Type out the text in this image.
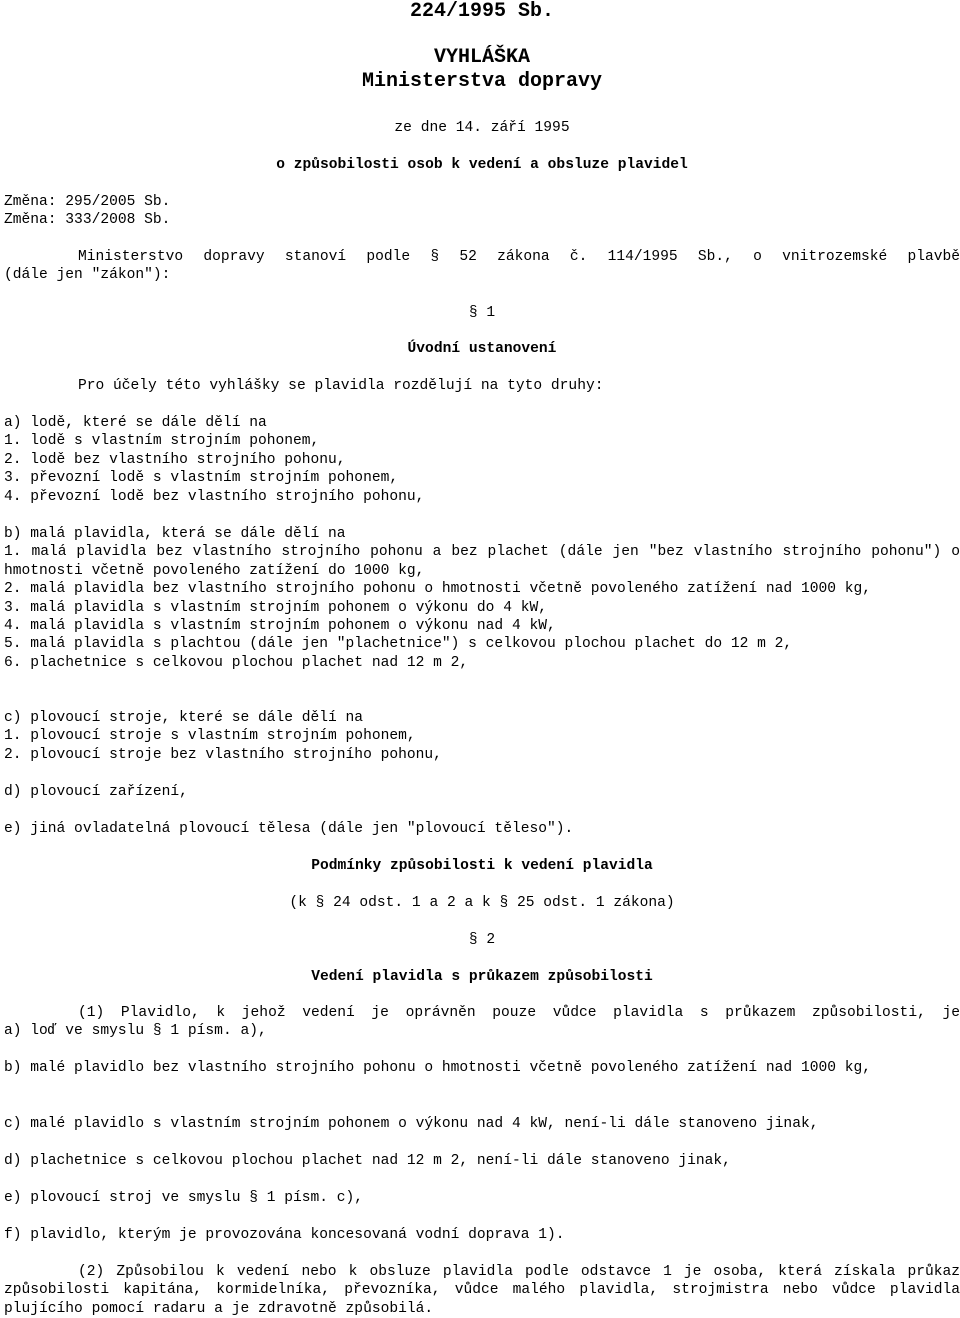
224/1995 Sb.
VYHLÁŠKA
Ministerstva dopravy
ze dne 14. září 1995
o způsobilosti osob k vedení a obsluze plavidel
Změna: 295/2005 Sb.
Změna: 333/2008 Sb.
Ministerstvo dopravy stanoví podle § 52 zákona č. 114/1995 Sb., o vnitrozemské plavbě
(dále jen "zákon"):
§ 1
Úvodní ustanovení
Pro účely této vyhlášky se plavidla rozdělují na tyto druhy:
a) lodě, které se dále dělí na
1. lodě s vlastním strojním pohonem,
2. lodě bez vlastního strojního pohonu,
3. převozní lodě s vlastním strojním pohonem,
4. převozní lodě bez vlastního strojního pohonu,
b) malá plavidla, která se dále dělí na
1. malá plavidla bez vlastního strojního pohonu a bez plachet (dále jen "bez vlastního strojního pohonu") o hmotnosti včetně povoleného zatížení do 1000 kg,
2. malá plavidla bez vlastního strojního pohonu o hmotnosti včetně povoleného zatížení nad 1000 kg,
3. malá plavidla s vlastním strojním pohonem o výkonu do 4 kW,
4. malá plavidla s vlastním strojním pohonem o výkonu nad 4 kW,
5. malá plavidla s plachtou (dále jen "plachetnice") s celkovou plochou plachet do 12 m 2,
6. plachetnice s celkovou plochou plachet nad 12 m 2,
c) plovoucí stroje, které se dále dělí na
1. plovoucí stroje s vlastním strojním pohonem,
2. plovoucí stroje bez vlastního strojního pohonu,
d) plovoucí zařízení,
e) jiná ovladatelná plovoucí tělesa (dále jen "plovoucí těleso").
Podmínky způsobilosti k vedení plavidla
(k § 24 odst. 1 a 2 a k § 25 odst. 1 zákona)
§ 2
Vedení plavidla s průkazem způsobilosti
(1) Plavidlo, k jehož vedení je oprávněn pouze vůdce plavidla s průkazem způsobilosti, je
a) loď ve smyslu § 1 písm. a),
b) malé plavidlo bez vlastního strojního pohonu o hmotnosti včetně povoleného zatížení nad 1000 kg,
c) malé plavidlo s vlastním strojním pohonem o výkonu nad 4 kW, není-li dále stanoveno jinak,
d) plachetnice s celkovou plochou plachet nad 12 m 2, není-li dále stanoveno jinak,
e) plovoucí stroj ve smyslu § 1 písm. c),
f) plavidlo, kterým je provozována koncesovaná vodní doprava 1).
(2) Způsobilou k vedení nebo k obsluze plavidla podle odstavce 1 je osoba, která získala průkaz způsobilosti kapitána, kormidelníka, převozníka, vůdce malého plavidla, strojmistra nebo vůdce plavidla plujícího pomocí radaru a je zdravotně způsobilá.
